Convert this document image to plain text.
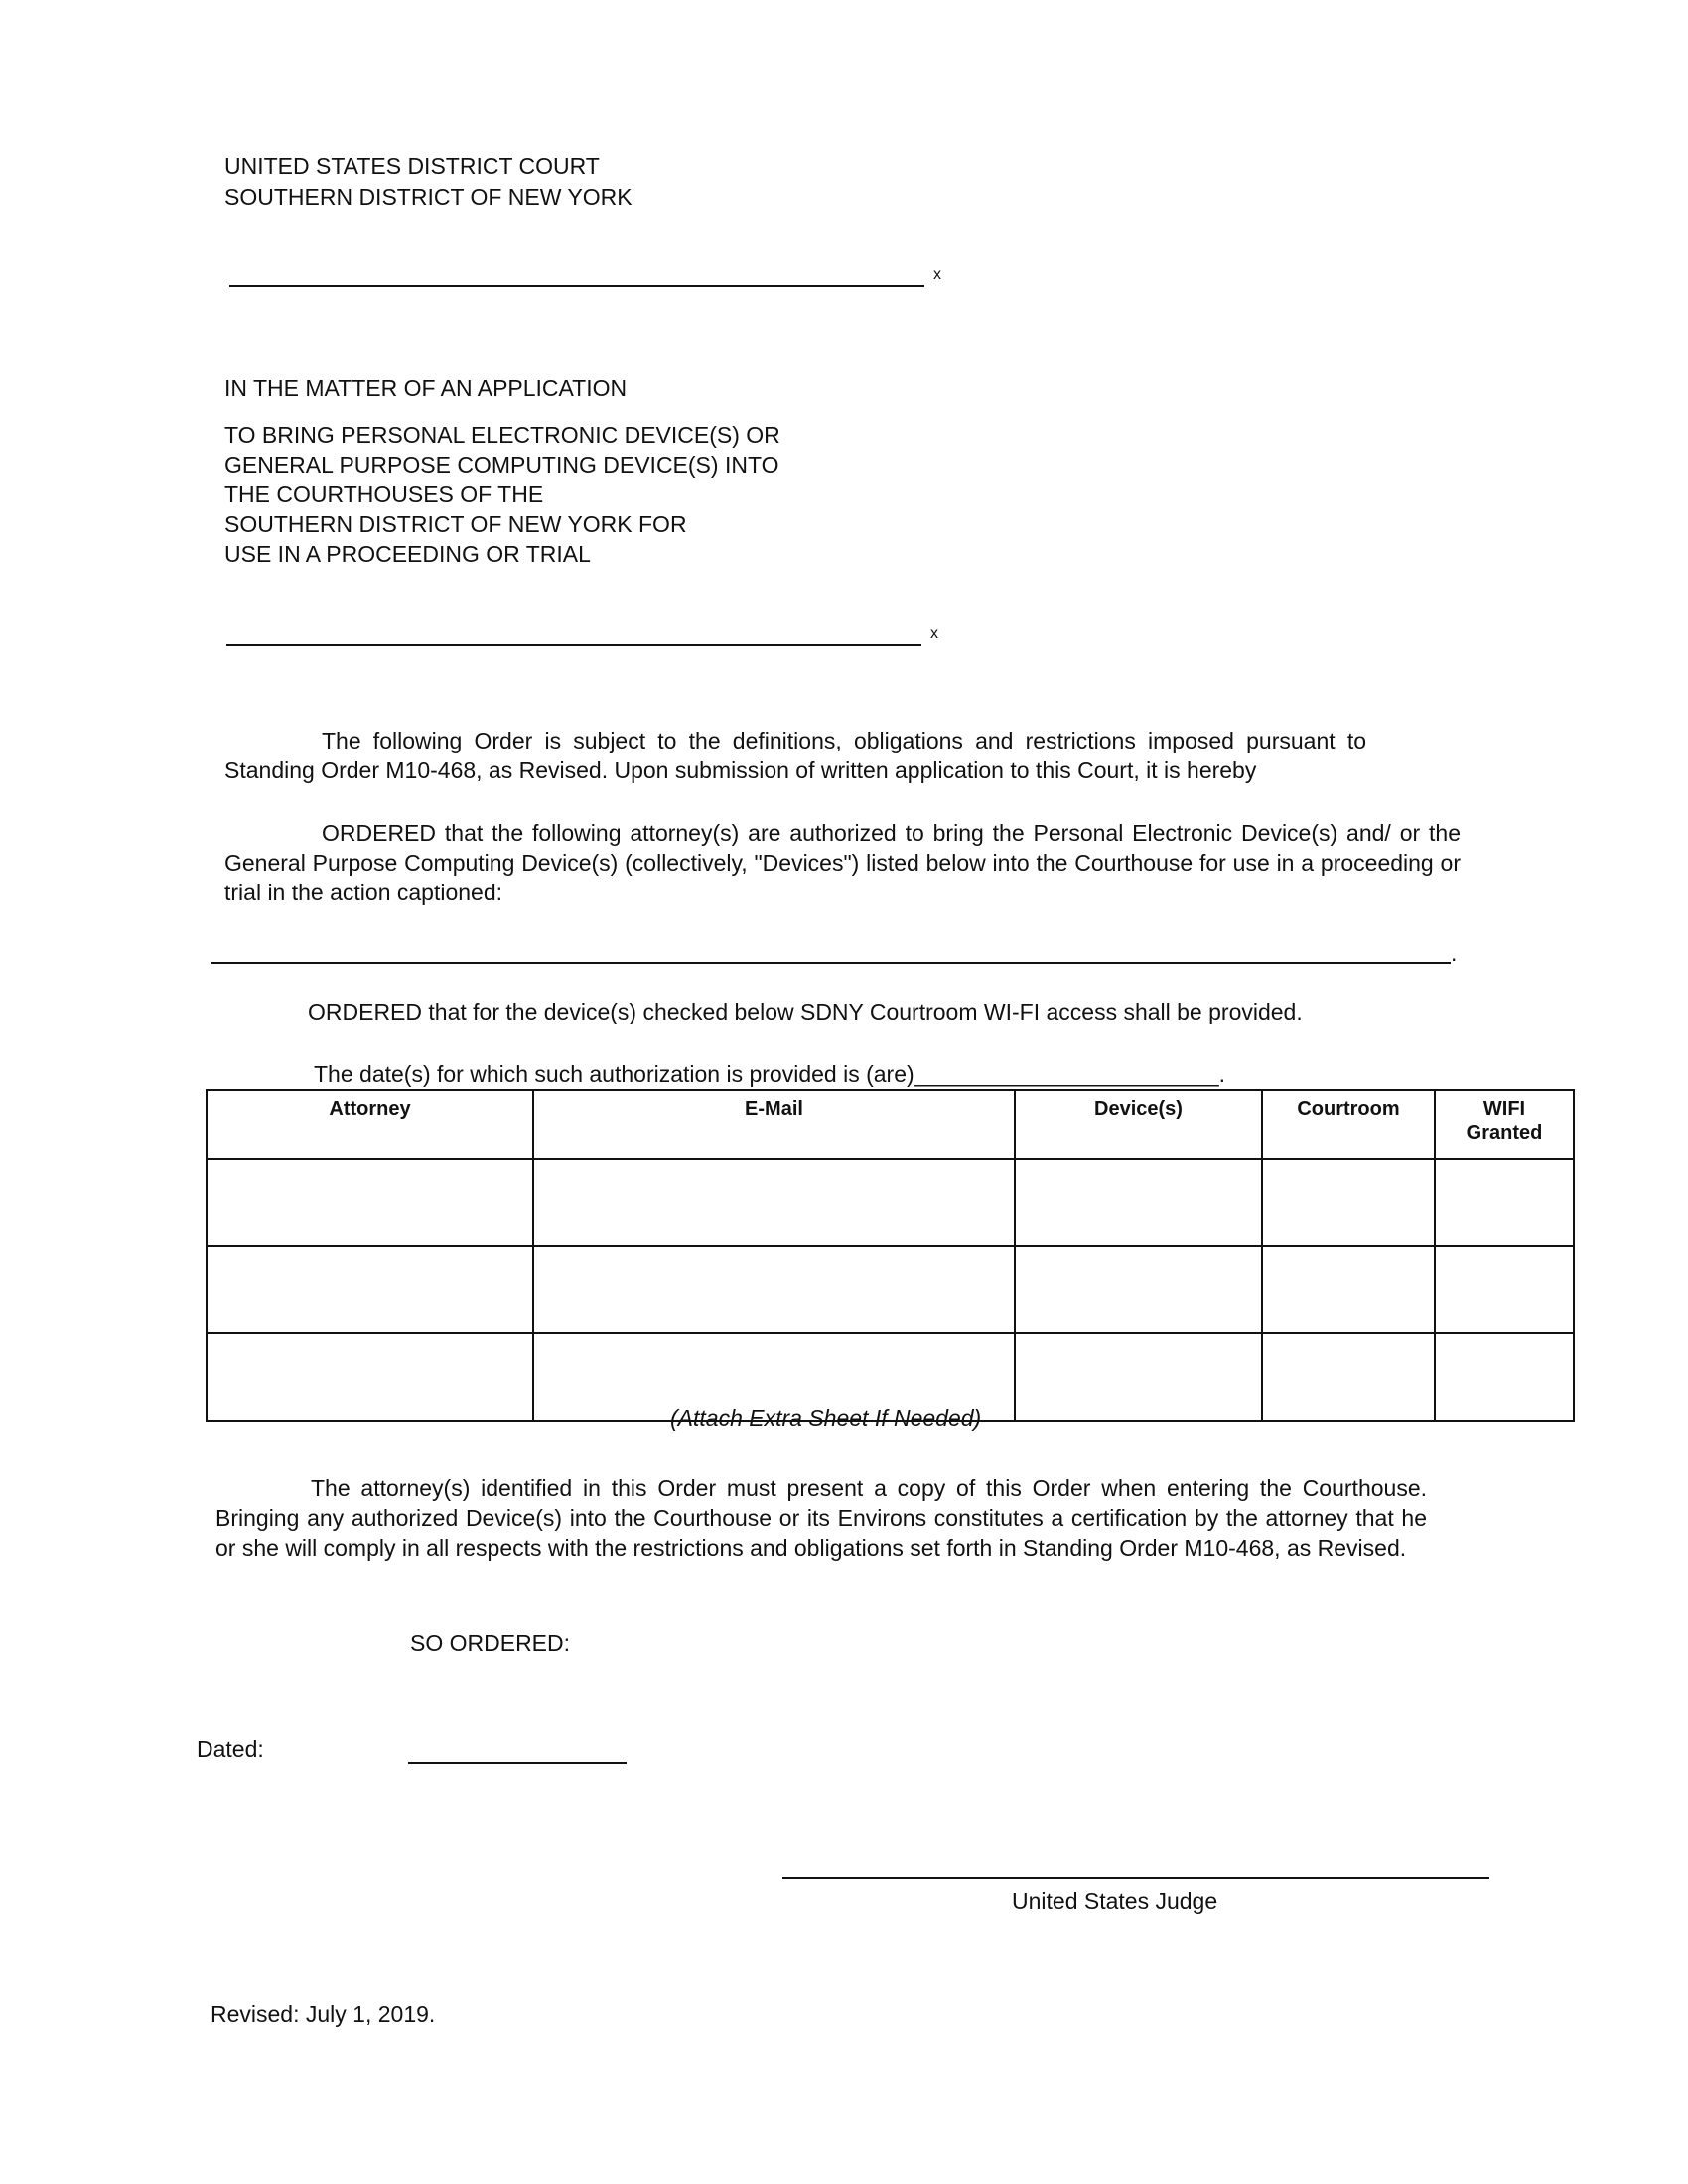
UNITED STATES DISTRICT COURT
SOUTHERN DISTRICT OF NEW YORK
x
IN THE MATTER OF AN APPLICATION
TO BRING PERSONAL ELECTRONIC DEVICE(S) OR
GENERAL PURPOSE COMPUTING DEVICE(S) INTO
THE COURTHOUSES OF THE
SOUTHERN DISTRICT OF NEW YORK FOR
USE IN A PROCEEDING OR TRIAL
x
The following Order is subject to the definitions, obligations and restrictions imposed pursuant to Standing Order M10-468, as Revised. Upon submission of written application to this Court, it is hereby
ORDERED that the following attorney(s) are authorized to bring the Personal Electronic Device(s) and/ or the General Purpose Computing Device(s) (collectively, "Devices") listed below into the Courthouse for use in a proceeding or trial in the action captioned:
.
ORDERED that for the device(s) checked below SDNY Courtroom WI-FI access shall be provided.
The date(s) for which such authorization is provided is (are)________________________.
Attorney	E-Mail	Device(s)	Courtroom	WIFI
Granted

(Attach Extra Sheet If Needed)
The attorney(s) identified in this Order must present a copy of this Order when entering the Courthouse. Bringing any authorized Device(s) into the Courthouse or its Environs constitutes a certification by the attorney that he or she will comply in all respects with the restrictions and obligations set forth in Standing Order M10-468, as Revised.
SO ORDERED:
Dated:
United States Judge
Revised: July 1, 2019.
